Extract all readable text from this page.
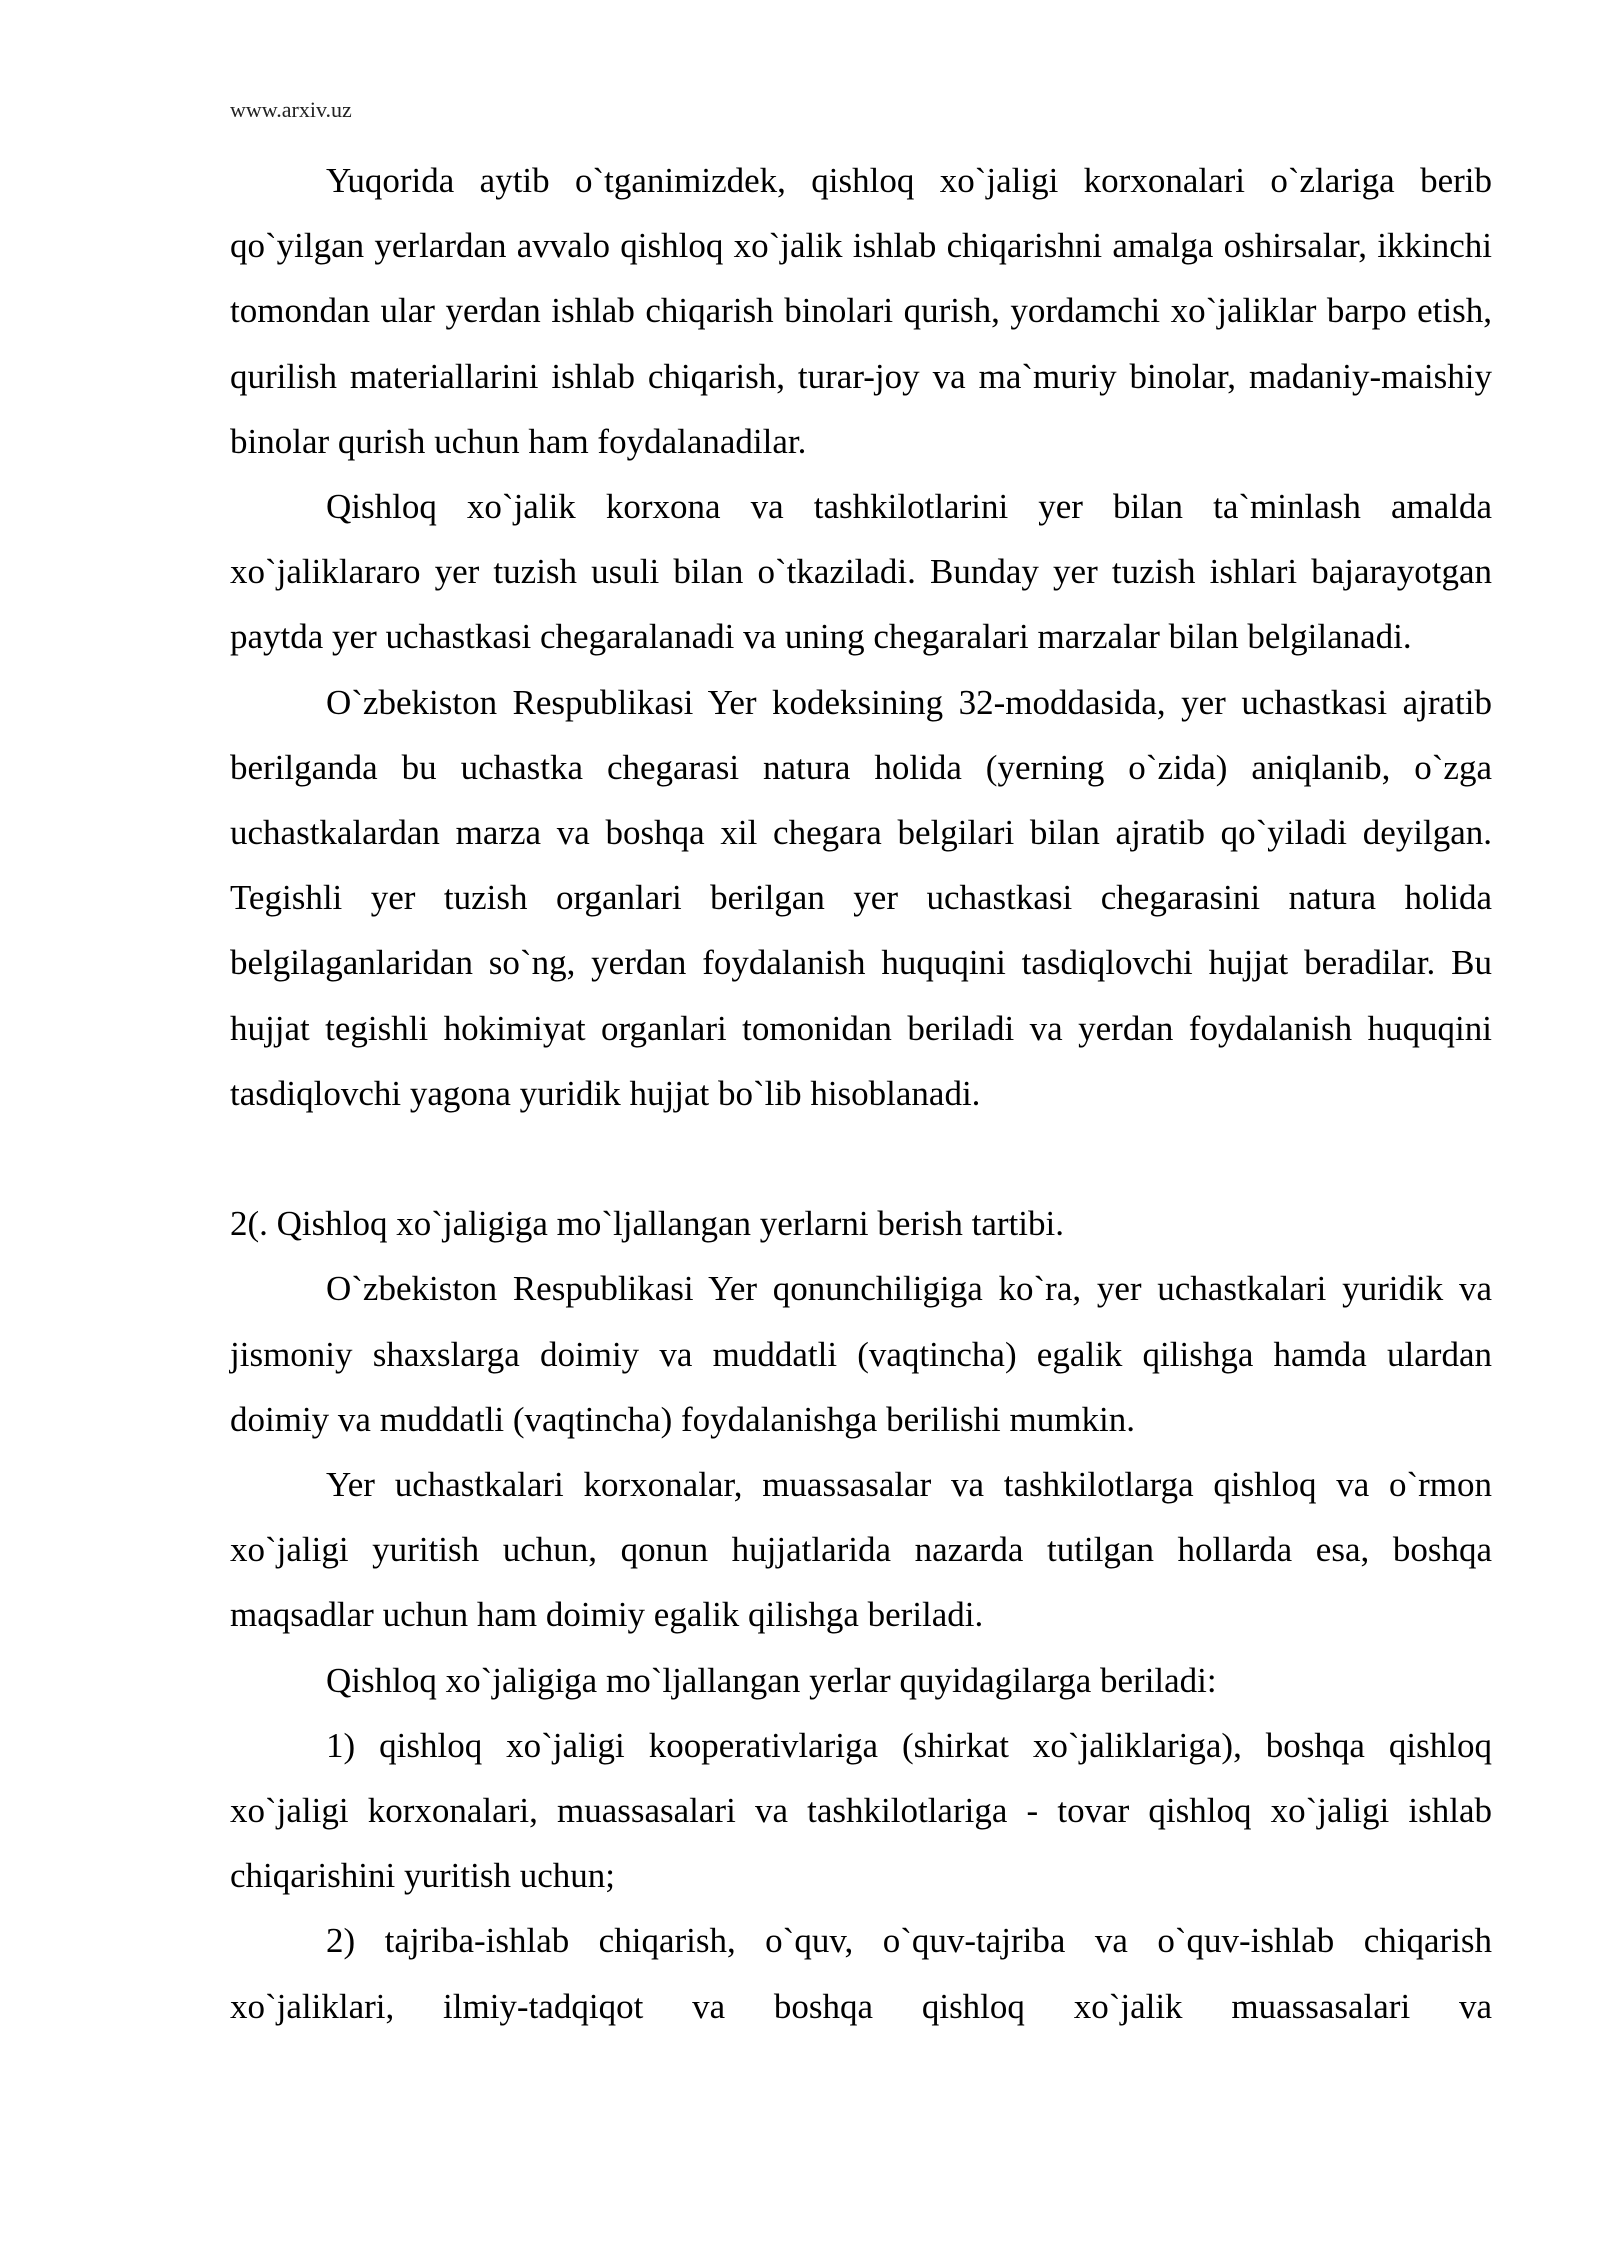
www.arxiv.uz

Yuqorida aytib o`tganimizdek, qishloq xo`jaligi korxonalari o`zlariga berib qo`yilgan yerlardan avvalo qishloq xo`jalik ishlab chiqarishni amalga oshirsalar, ikkinchi tomondan ular yerdan ishlab chiqarish binolari qurish, yordamchi xo`jaliklar barpo etish, qurilish materiallarini ishlab chiqarish, turar-joy va ma`muriy binolar, madaniy-maishiy binolar qurish uchun ham foydalanadilar.

Qishloq xo`jalik korxona va tashkilotlarini yer bilan ta`minlash amalda xo`jaliklararo yer tuzish usuli bilan o`tkaziladi. Bunday yer tuzish ishlari bajarayotgan paytda yer uchastkasi chegaralanadi va uning chegaralari marzalar bilan belgilanadi.

O`zbekiston Respublikasi Yer kodeksining 32-moddasida, yer uchastkasi ajratib berilganda bu uchastka chegarasi natura holida (yerning o`zida) aniqlanib, o`zga uchastkalardan marza va boshqa xil chegara belgilari bilan ajratib qo`yiladi deyilgan. Tegishli yer tuzish organlari berilgan yer uchastkasi chegarasini natura holida belgilaganlaridan so`ng, yerdan foydalanish huquqini tasdiqlovchi hujjat beradilar. Bu hujjat tegishli hokimiyat organlari tomonidan beriladi va yerdan foydalanish huquqini tasdiqlovchi yagona yuridik hujjat bo`lib hisoblanadi.

2(. Qishloq xo`jaligiga mo`ljallangan yerlarni berish tartibi.

O`zbekiston Respublikasi Yer qonunchiligiga ko`ra, yer uchastkalari yuridik va jismoniy shaxslarga doimiy va muddatli (vaqtincha) egalik qilishga hamda ulardan doimiy va muddatli (vaqtincha) foydalanishga berilishi mumkin.

Yer uchastkalari korxonalar, muassasalar va tashkilotlarga qishloq va o`rmon xo`jaligi yuritish uchun, qonun hujjatlarida nazarda tutilgan hollarda esa, boshqa maqsadlar uchun ham doimiy egalik qilishga beriladi.

Qishloq xo`jaligiga mo`ljallangan yerlar quyidagilarga beriladi:

1) qishloq xo`jaligi kooperativlariga (shirkat xo`jaliklariga), boshqa qishloq xo`jaligi korxonalari, muassasalari va tashkilotlariga - tovar qishloq xo`jaligi ishlab chiqarishini yuritish uchun;

2) tajriba-ishlab chiqarish, o`quv, o`quv-tajriba va o`quv-ishlab chiqarish xo`jaliklari, ilmiy-tadqiqot va boshqa qishloq xo`jalik muassasalari va
